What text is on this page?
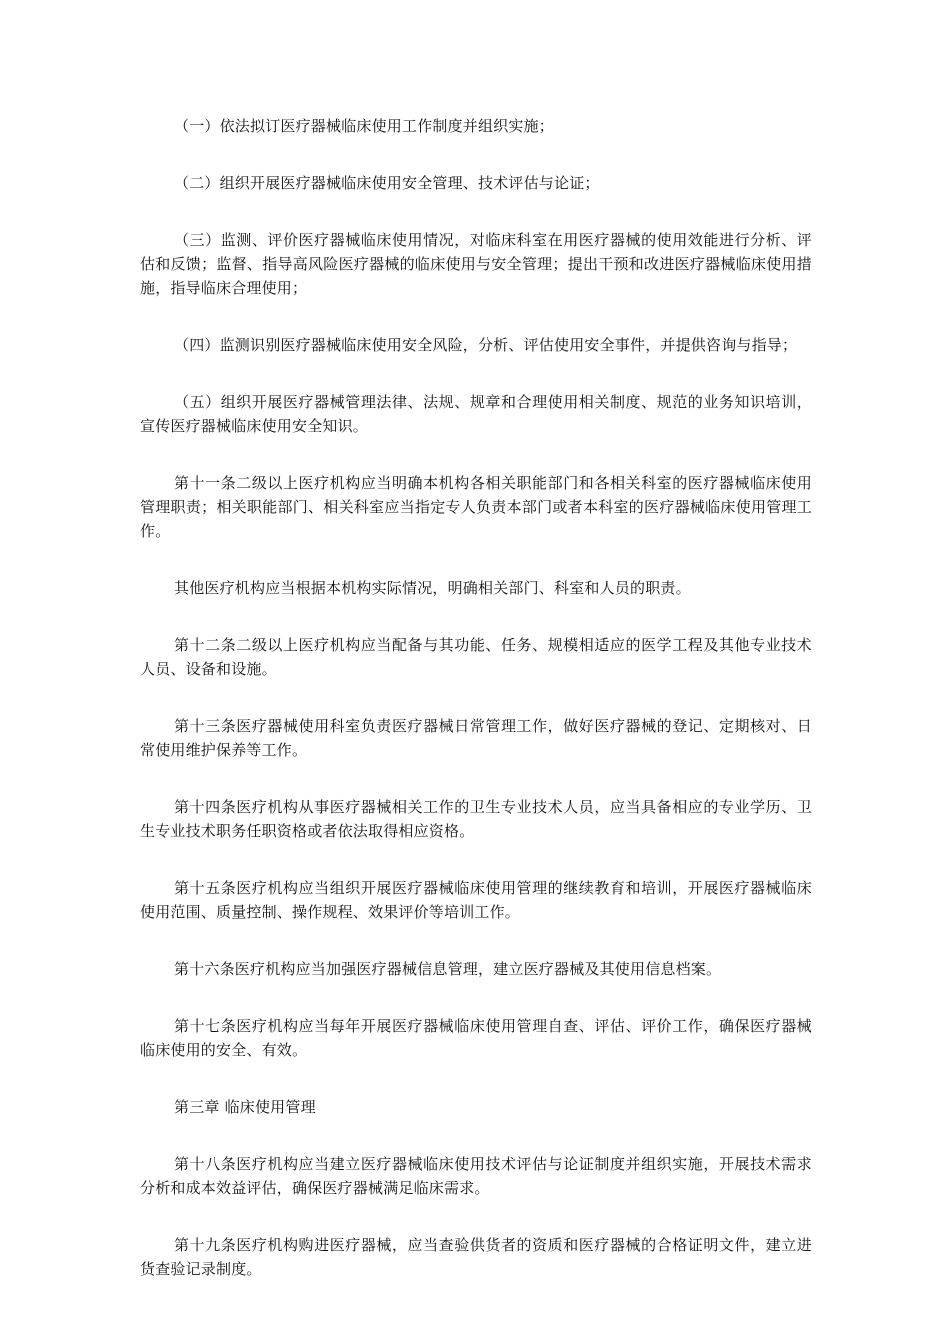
（一）依法拟订医疗器械临床使用工作制度并组织实施；

（二）组织开展医疗器械临床使用安全管理、技术评估与论证；

（三）监测、评价医疗器械临床使用情况，对临床科室在用医疗器械的使用效能进行分析、评估和反馈；监督、指导高风险医疗器械的临床使用与安全管理；提出干预和改进医疗器械临床使用措施，指导临床合理使用；

（四）监测识别医疗器械临床使用安全风险，分析、评估使用安全事件，并提供咨询与指导；

（五）组织开展医疗器械管理法律、法规、规章和合理使用相关制度、规范的业务知识培训，宣传医疗器械临床使用安全知识。

第十一条二级以上医疗机构应当明确本机构各相关职能部门和各相关科室的医疗器械临床使用管理职责；相关职能部门、相关科室应当指定专人负责本部门或者本科室的医疗器械临床使用管理工作。

其他医疗机构应当根据本机构实际情况，明确相关部门、科室和人员的职责。

第十二条二级以上医疗机构应当配备与其功能、任务、规模相适应的医学工程及其他专业技术人员、设备和设施。

第十三条医疗器械使用科室负责医疗器械日常管理工作，做好医疗器械的登记、定期核对、日常使用维护保养等工作。

第十四条医疗机构从事医疗器械相关工作的卫生专业技术人员，应当具备相应的专业学历、卫生专业技术职务任职资格或者依法取得相应资格。

第十五条医疗机构应当组织开展医疗器械临床使用管理的继续教育和培训，开展医疗器械临床使用范围、质量控制、操作规程、效果评价等培训工作。

第十六条医疗机构应当加强医疗器械信息管理，建立医疗器械及其使用信息档案。

第十七条医疗机构应当每年开展医疗器械临床使用管理自查、评估、评价工作，确保医疗器械临床使用的安全、有效。

第三章 临床使用管理

第十八条医疗机构应当建立医疗器械临床使用技术评估与论证制度并组织实施，开展技术需求分析和成本效益评估，确保医疗器械满足临床需求。

第十九条医疗机构购进医疗器械，应当查验供货者的资质和医疗器械的合格证明文件，建立进货查验记录制度。
